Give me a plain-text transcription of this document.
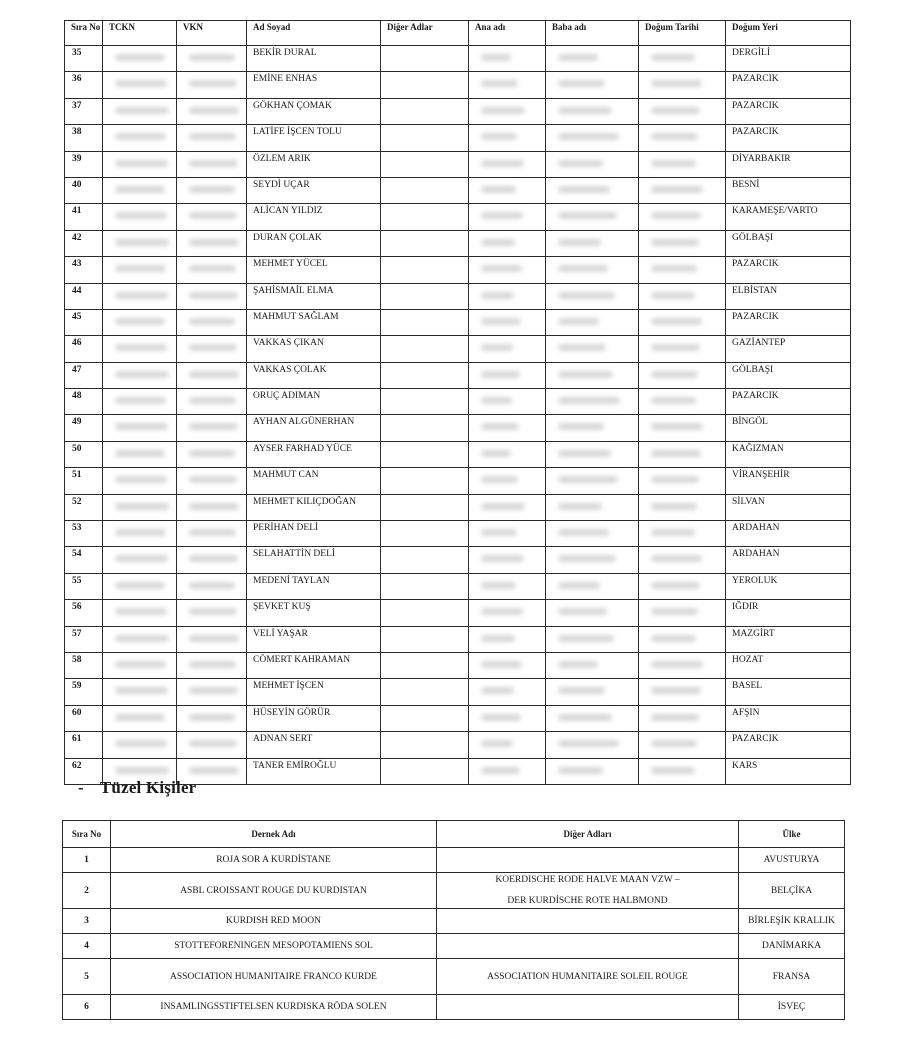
Sıra No	TCKN	VKN	Ad Soyad	Diğer Adlar	Ana adı	Baba adı	Doğum Tarihi	Doğum Yeri
35			BEKİR DURAL					DERGİLİ
36			EMİNE ENHAS					PAZARCIK
37			GÖKHAN ÇOMAK					PAZARCIK
38			LATİFE İŞCEN TOLU					PAZARCIK
39			ÖZLEM ARIK					DİYARBAKIR
40			SEYDİ UÇAR					BESNİ
41			ALİCAN YILDIZ					KARAMEŞE/VARTO
42			DURAN ÇOLAK					GÖLBAŞI
43			MEHMET YÜCEL					PAZARCIK
44			ŞAHİSMAİL ELMA					ELBİSTAN
45			MAHMUT SAĞLAM					PAZARCIK
46			VAKKAS ÇIKAN					GAZİANTEP
47			VAKKAS ÇOLAK					GÖLBAŞI
48			ORUÇ ADIMAN					PAZARCIK
49			AYHAN ALGÜNERHAN					BİNGÖL
50			AYSER FARHAD YÜCE					KAĞIZMAN
51			MAHMUT CAN					VİRANŞEHİR
52			MEHMET KILIÇDOĞAN					SİLVAN
53			PERİHAN DELİ					ARDAHAN
54			SELAHATTİN DELİ					ARDAHAN
55			MEDENİ TAYLAN					YEROLUK
56			ŞEVKET KUŞ					IĞDIR
57			VELİ YAŞAR					MAZGİRT
58			CÖMERT KAHRAMAN					HOZAT
59			MEHMET İŞCEN					BASEL
60			HÜSEYİN GÖRÜR					AFŞIN
61			ADNAN SERT					PAZARCIK
62			TANER EMİROĞLU					KARS
- Tüzel Kişiler
Sıra No	Dernek Adı	Diğer Adları	Ülke
1	ROJA SOR A KURDİSTANE		AVUSTURYA
2	ASBL CROISSANT ROUGE DU KURDISTAN	KOERDISCHE RODE HALVE MAAN VZW –
DER KURDİSCHE ROTE HALBMOND	BELÇİKA
3	KURDISH RED MOON		BİRLEŞİK KRALLIK
4	STOTTEFORENINGEN MESOPOTAMIENS SOL		DANİMARKA
5	ASSOCIATION HUMANITAIRE FRANCO KURDE	ASSOCIATION HUMANITAIRE SOLEIL ROUGE	FRANSA
6	INSAMLINGSSTIFTELSEN KURDISKA RÖDA SOLEN		İSVEÇ
